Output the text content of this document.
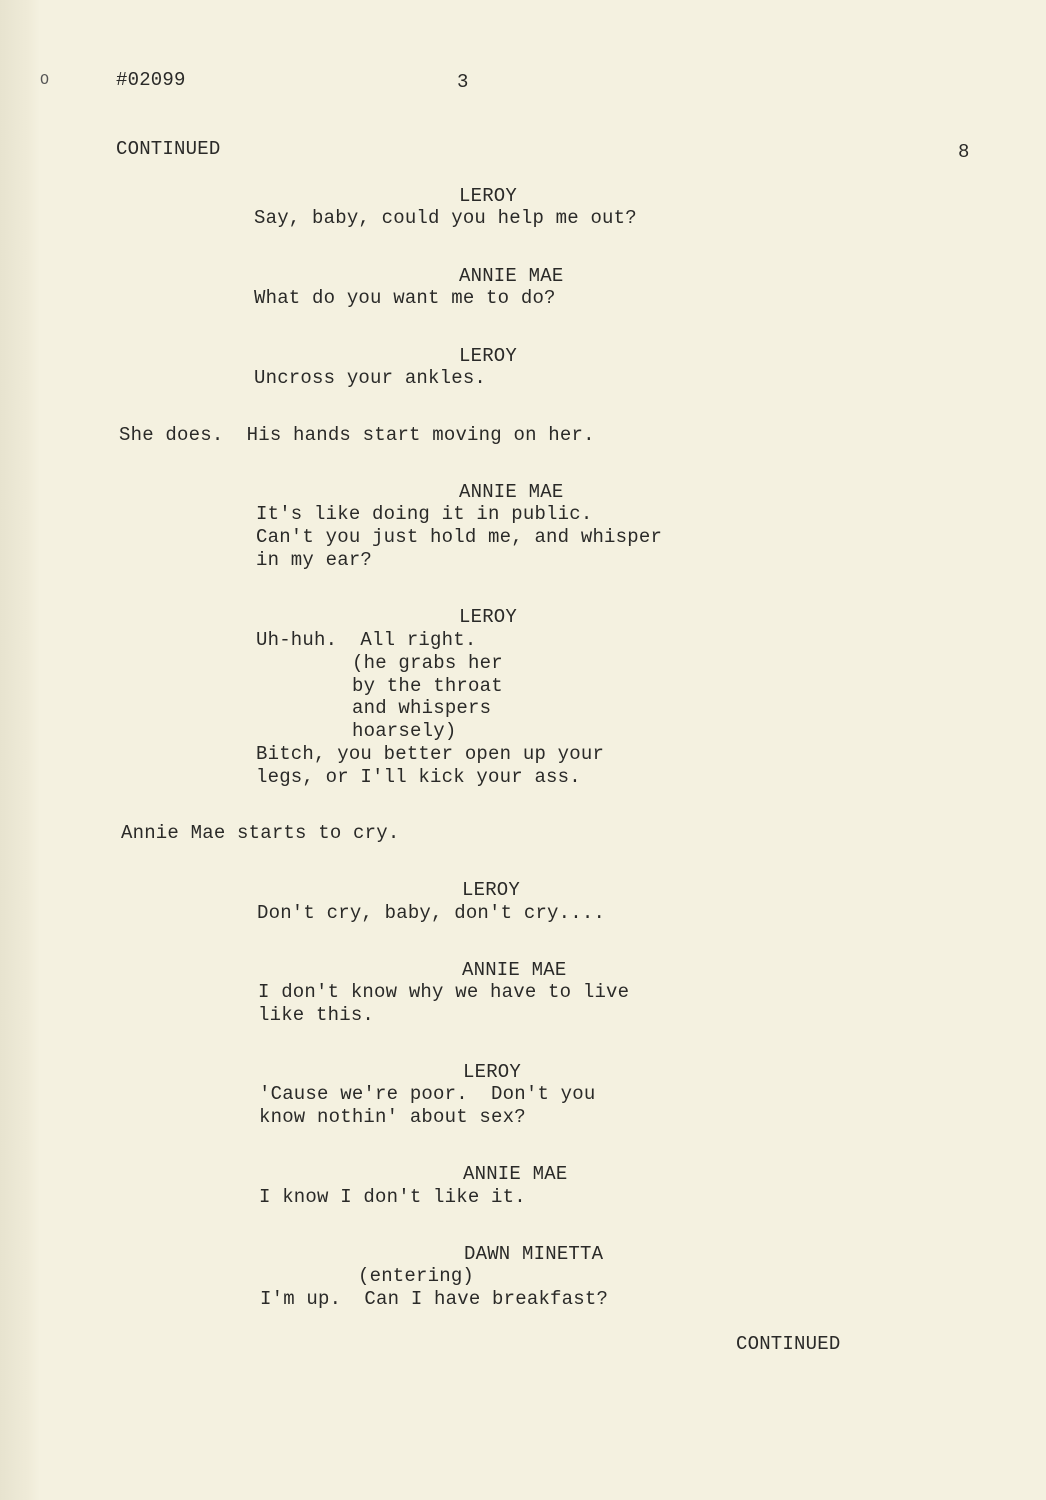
O	#02099	3
CONTINUED	8
LEROY
Say, baby, could you help me out?
ANNIE MAE
What do you want me to do?
LEROY
Uncross your ankles.
She does.  His hands start moving on her.
ANNIE MAE
It's like doing it in public.
Can't you just hold me, and whisper
in my ear?
LEROY
Uh-huh.  All right.
(he grabs her
by the throat
and whispers
hoarsely)
Bitch, you better open up your
legs, or I'll kick your ass.
Annie Mae starts to cry.
LEROY
Don't cry, baby, don't cry....
ANNIE MAE
I don't know why we have to live
like this.
LEROY
'Cause we're poor.  Don't you
know nothin' about sex?
ANNIE MAE
I know I don't like it.
DAWN MINETTA
(entering)
I'm up.  Can I have breakfast?
CONTINUED
